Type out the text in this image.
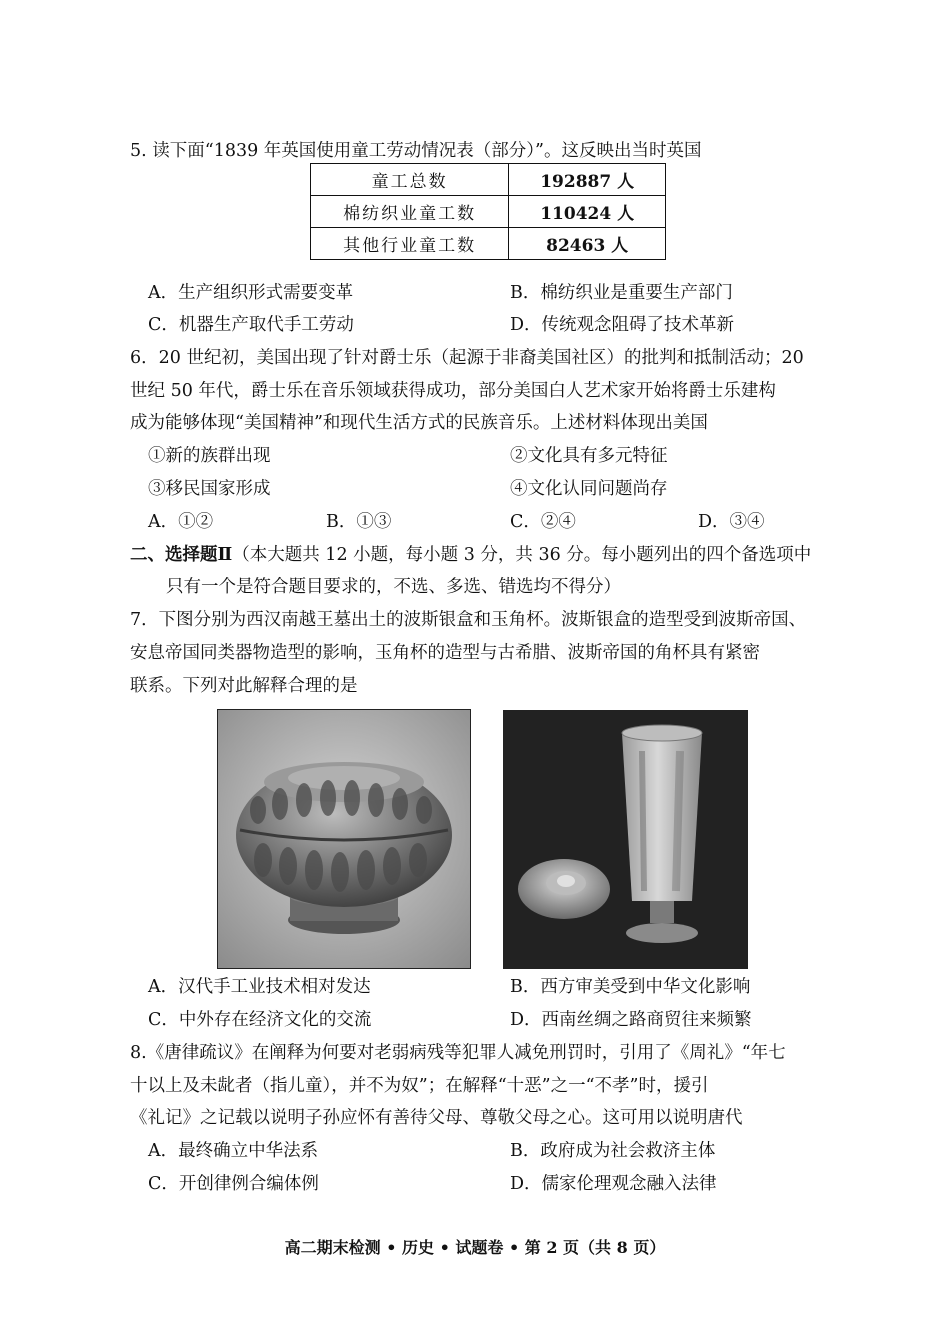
5. 读下面“1839 年英国使用童工劳动情况表（部分）”。这反映出当时英国
童工总数	192887 人
棉纺织业童工数	110424 人
其他行业童工数	82463 人
A．生产组织形式需要变革	B．棉纺织业是重要生产部门
C．机器生产取代手工劳动	D．传统观念阻碍了技术革新
6．20 世纪初，美国出现了针对爵士乐（起源于非裔美国社区）的批判和抵制活动；20
世纪 50 年代，爵士乐在音乐领域获得成功，部分美国白人艺术家开始将爵士乐建构
成为能够体现“美国精神”和现代生活方式的民族音乐。上述材料体现出美国
①新的族群出现	②文化具有多元特征
③移民国家形成	④文化认同问题尚存
A．①②	B．①③	C．②④	D．③④
二、选择题Ⅱ（本大题共 12 小题，每小题 3 分，共 36 分。每小题列出的四个备选项中
只有一个是符合题目要求的，不选、多选、错选均不得分）
7．下图分别为西汉南越王墓出土的波斯银盒和玉角杯。波斯银盒的造型受到波斯帝国、
安息帝国同类器物造型的影响，玉角杯的造型与古希腊、波斯帝国的角杯具有紧密
联系。下列对此解释合理的是
A．汉代手工业技术相对发达	B．西方审美受到中华文化影响
C．中外存在经济文化的交流	D．西南丝绸之路商贸往来频繁
8.《唐律疏议》在阐释为何要对老弱病残等犯罪人减免刑罚时，引用了《周礼》“年七
十以上及未龀者（指儿童），并不为奴”；在解释“十恶”之一“不孝”时，援引
《礼记》之记载以说明子孙应怀有善待父母、尊敬父母之心。这可用以说明唐代
A．最终确立中华法系	B．政府成为社会救济主体
C．开创律例合编体例	D．儒家伦理观念融入法律
高二期末检测 • 历史 • 试题卷 • 第 2 页（共 8 页）
